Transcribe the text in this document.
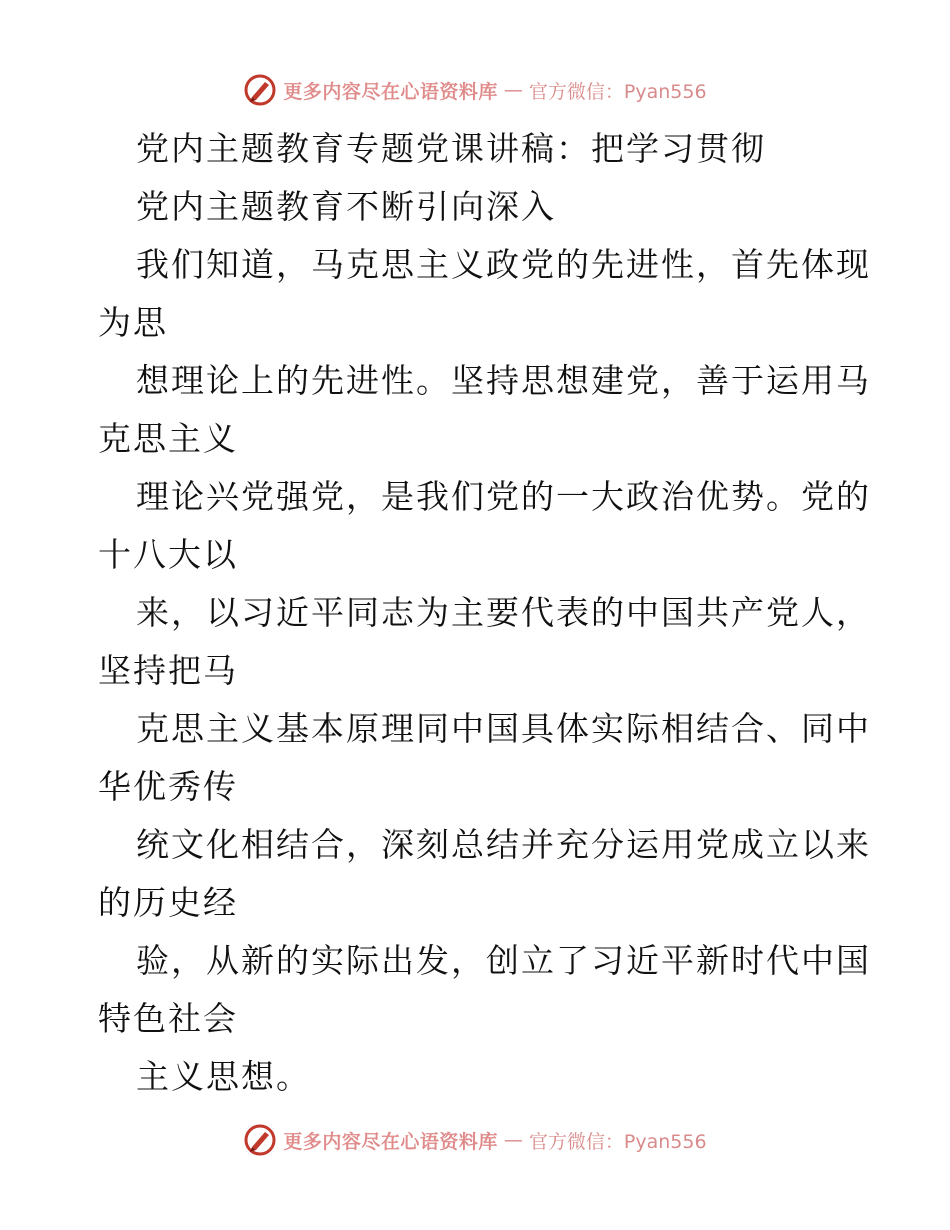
更多内容尽在心语资料库 — 官方微信：Pyan556
党内主题教育专题党课讲稿：把学习贯彻
党内主题教育不断引向深入
我们知道，马克思主义政党的先进性，首先体现
为思
想理论上的先进性。坚持思想建党，善于运用马
克思主义
理论兴党强党，是我们党的一大政治优势。党的
十八大以
来，以习近平同志为主要代表的中国共产党人，
坚持把马
克思主义基本原理同中国具体实际相结合、同中
华优秀传
统文化相结合，深刻总结并充分运用党成立以来
的历史经
验，从新的实际出发，创立了习近平新时代中国
特色社会
主义思想。
更多内容尽在心语资料库 — 官方微信：Pyan556
